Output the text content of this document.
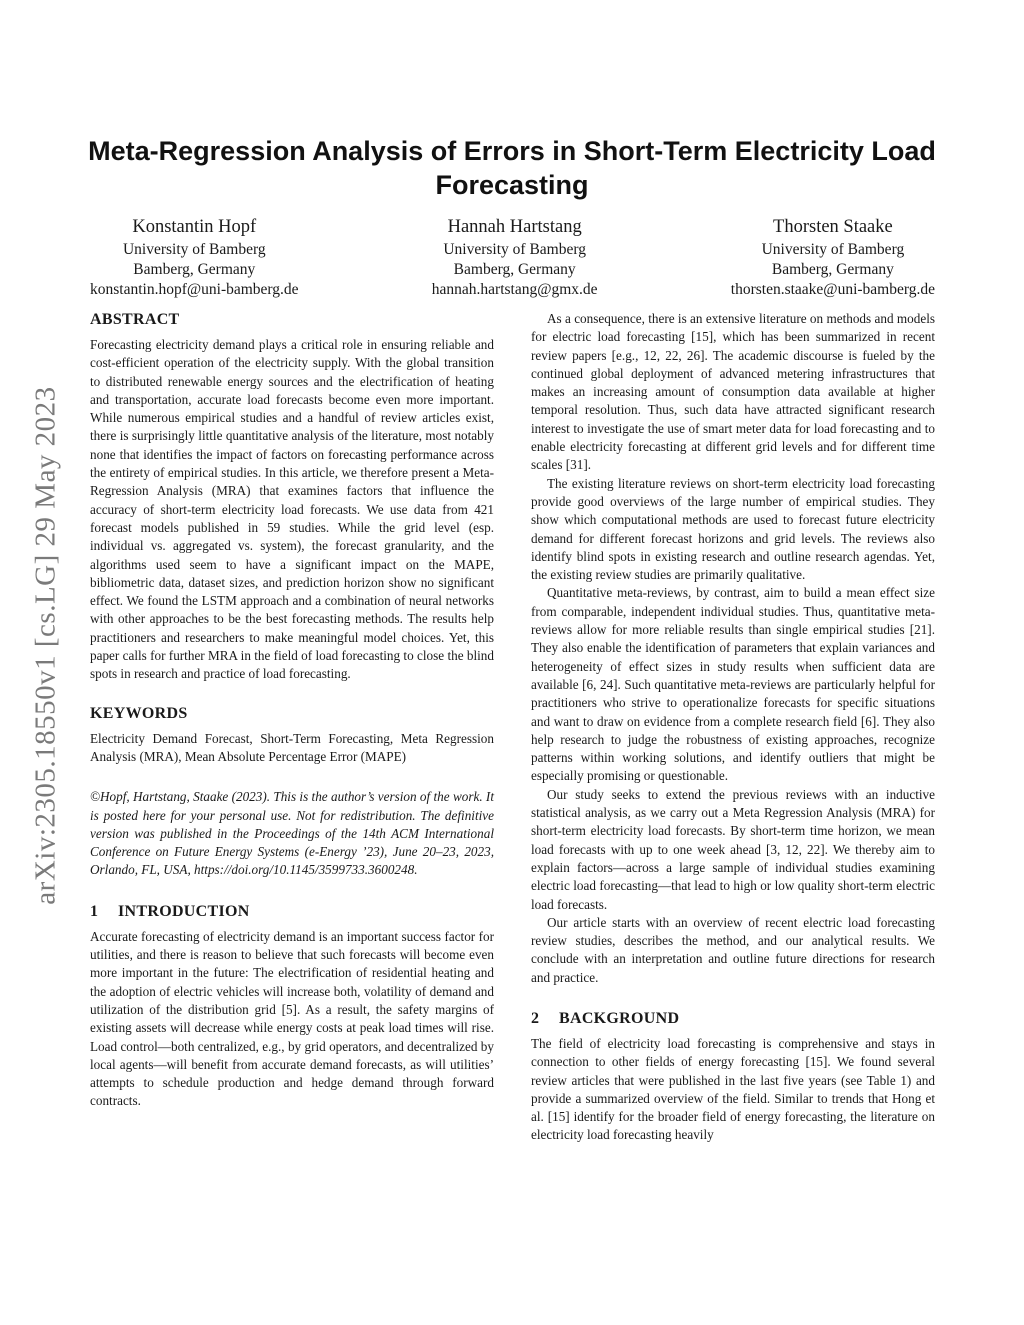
arXiv:2305.18550v1 [cs.LG] 29 May 2023
Meta-Regression Analysis of Errors in Short-Term Electricity Load Forecasting
Konstantin Hopf
University of Bamberg
Bamberg, Germany
konstantin.hopf@uni-bamberg.de
Hannah Hartstang
University of Bamberg
Bamberg, Germany
hannah.hartstang@gmx.de
Thorsten Staake
University of Bamberg
Bamberg, Germany
thorsten.staake@uni-bamberg.de
ABSTRACT

Forecasting electricity demand plays a critical role in ensuring reliable and cost-efficient operation of the electricity supply. With the global transition to distributed renewable energy sources and the electrification of heating and transportation, accurate load forecasts become even more important. While numerous empirical studies and a handful of review articles exist, there is surprisingly little quantitative analysis of the literature, most notably none that identifies the impact of factors on forecasting performance across the entirety of empirical studies. In this article, we therefore present a Meta-Regression Analysis (MRA) that examines factors that influence the accuracy of short-term electricity load forecasts. We use data from 421 forecast models published in 59 studies. While the grid level (esp. individual vs. aggregated vs. system), the forecast granularity, and the algorithms used seem to have a significant impact on the MAPE, bibliometric data, dataset sizes, and prediction horizon show no significant effect. We found the LSTM approach and a combination of neural networks with other approaches to be the best forecasting methods. The results help practitioners and researchers to make meaningful model choices. Yet, this paper calls for further MRA in the field of load forecasting to close the blind spots in research and practice of load forecasting.

KEYWORDS

Electricity Demand Forecast, Short-Term Forecasting, Meta Regression Analysis (MRA), Mean Absolute Percentage Error (MAPE)

©Hopf, Hartstang, Staake (2023). This is the author’s version of the work. It is posted here for your personal use. Not for redistribution. The definitive version was published in the Proceedings of the 14th ACM International Conference on Future Energy Systems (e-Energy ’23), June 20–23, 2023, Orlando, FL, USA, https://doi.org/10.1145/3599733.3600248.

1 INTRODUCTION

Accurate forecasting of electricity demand is an important success factor for utilities, and there is reason to believe that such forecasts will become even more important in the future: The electrification of residential heating and the adoption of electric vehicles will increase both, volatility of demand and utilization of the distribution grid [5]. As a result, the safety margins of existing assets will decrease while energy costs at peak load times will rise. Load control—both centralized, e.g., by grid operators, and decentralized by local agents—will benefit from accurate demand forecasts, as will utilities’ attempts to schedule production and hedge demand through forward contracts.

As a consequence, there is an extensive literature on methods and models for electric load forecasting [15], which has been summarized in recent review papers [e.g., 12, 22, 26]. The academic discourse is fueled by the continued global deployment of advanced metering infrastructures that makes an increasing amount of consumption data available at higher temporal resolution. Thus, such data have attracted significant research interest to investigate the use of smart meter data for load forecasting and to enable electricity forecasting at different grid levels and for different time scales [31].

The existing literature reviews on short-term electricity load forecasting provide good overviews of the large number of empirical studies. They show which computational methods are used to forecast future electricity demand for different forecast horizons and grid levels. The reviews also identify blind spots in existing research and outline research agendas. Yet, the existing review studies are primarily qualitative.

Quantitative meta-reviews, by contrast, aim to build a mean effect size from comparable, independent individual studies. Thus, quantitative meta-reviews allow for more reliable results than single empirical studies [21]. They also enable the identification of parameters that explain variances and heterogeneity of effect sizes in study results when sufficient data are available [6, 24]. Such quantitative meta-reviews are particularly helpful for practitioners who strive to operationalize forecasts for specific situations and want to draw on evidence from a complete research field [6]. They also help research to judge the robustness of existing approaches, recognize patterns within working solutions, and identify outliers that might be especially promising or questionable.

Our study seeks to extend the previous reviews with an inductive statistical analysis, as we carry out a Meta Regression Analysis (MRA) for short-term electricity load forecasts. By short-term time horizon, we mean load forecasts with up to one week ahead [3, 12, 22]. We thereby aim to explain factors—across a large sample of individual studies examining electric load forecasting—that lead to high or low quality short-term electric load forecasts.

Our article starts with an overview of recent electric load forecasting review studies, describes the method, and our analytical results. We conclude with an interpretation and outline future directions for research and practice.

2 BACKGROUND

The field of electricity load forecasting is comprehensive and stays in connection to other fields of energy forecasting [15]. We found several review articles that were published in the last five years (see Table 1) and provide a summarized overview of the field. Similar to trends that Hong et al. [15] identify for the broader field of energy forecasting, the literature on electricity load forecasting heavily
